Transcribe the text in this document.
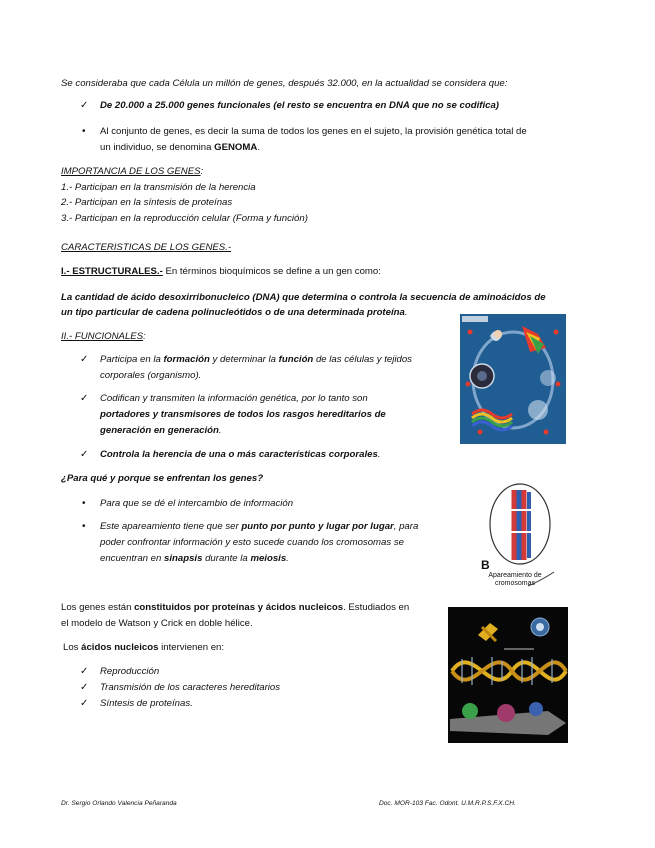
Se consideraba que cada Célula un millón de genes, después 32.000, en la actualidad se considera que:
✓ De 20.000 a 25.000 genes funcionales (el resto se encuentra en DNA que no se codifica)
• Al conjunto de genes, es decir la suma de todos los genes en el sujeto, la provisión genética total de
un individuo, se denomina GENOMA.
IMPORTANCIA DE LOS GENES:
1.- Participan en la transmisión de la herencia
2.- Participan en la síntesis de proteínas
3.- Participan en la reproducción celular (Forma y función)
CARACTERISTICAS DE LOS GENES.-
I.- ESTRUCTURALES.- En términos bioquímicos se define a un gen como:
La cantidad de ácido desoxirribonucleico (DNA) que determina o controla la secuencia de aminoácidos de
un tipo particular de cadena polinucleótidos o de una determinada proteína.
II.- FUNCIONALES:
✓ Participa en la formación y determinar la función de las células y tejidos
corporales (organismo).
✓ Codifican y transmiten la información genética, por lo tanto son
portadores y transmisores de todos los rasgos hereditarios de
generación en generación.
✓ Controla la herencia de una o más características corporales.
¿Para qué y porque se enfrentan los genes?
• Para que se dé el intercambio de información
• Este apareamiento tiene que ser punto por punto y lugar por lugar, para
poder confrontar información y esto sucede cuando los cromosomas se
encuentran en sinapsis durante la meiosis.
Los genes están constituidos por proteínas y ácidos nucleicos. Estudiados en
el modelo de Watson y Crick en doble hélice.
Los ácidos nucleicos intervienen en:
✓ Reproducción
✓ Transmisión de los caracteres hereditarios
✓ Síntesis de proteínas.
B
Apareamiento de
cromosomas
Dr. Sergio Orlando Valencia Peñaranda	Doc. MOR-103 Fac. Odont. U.M.R.P.S.F.X.CH.
